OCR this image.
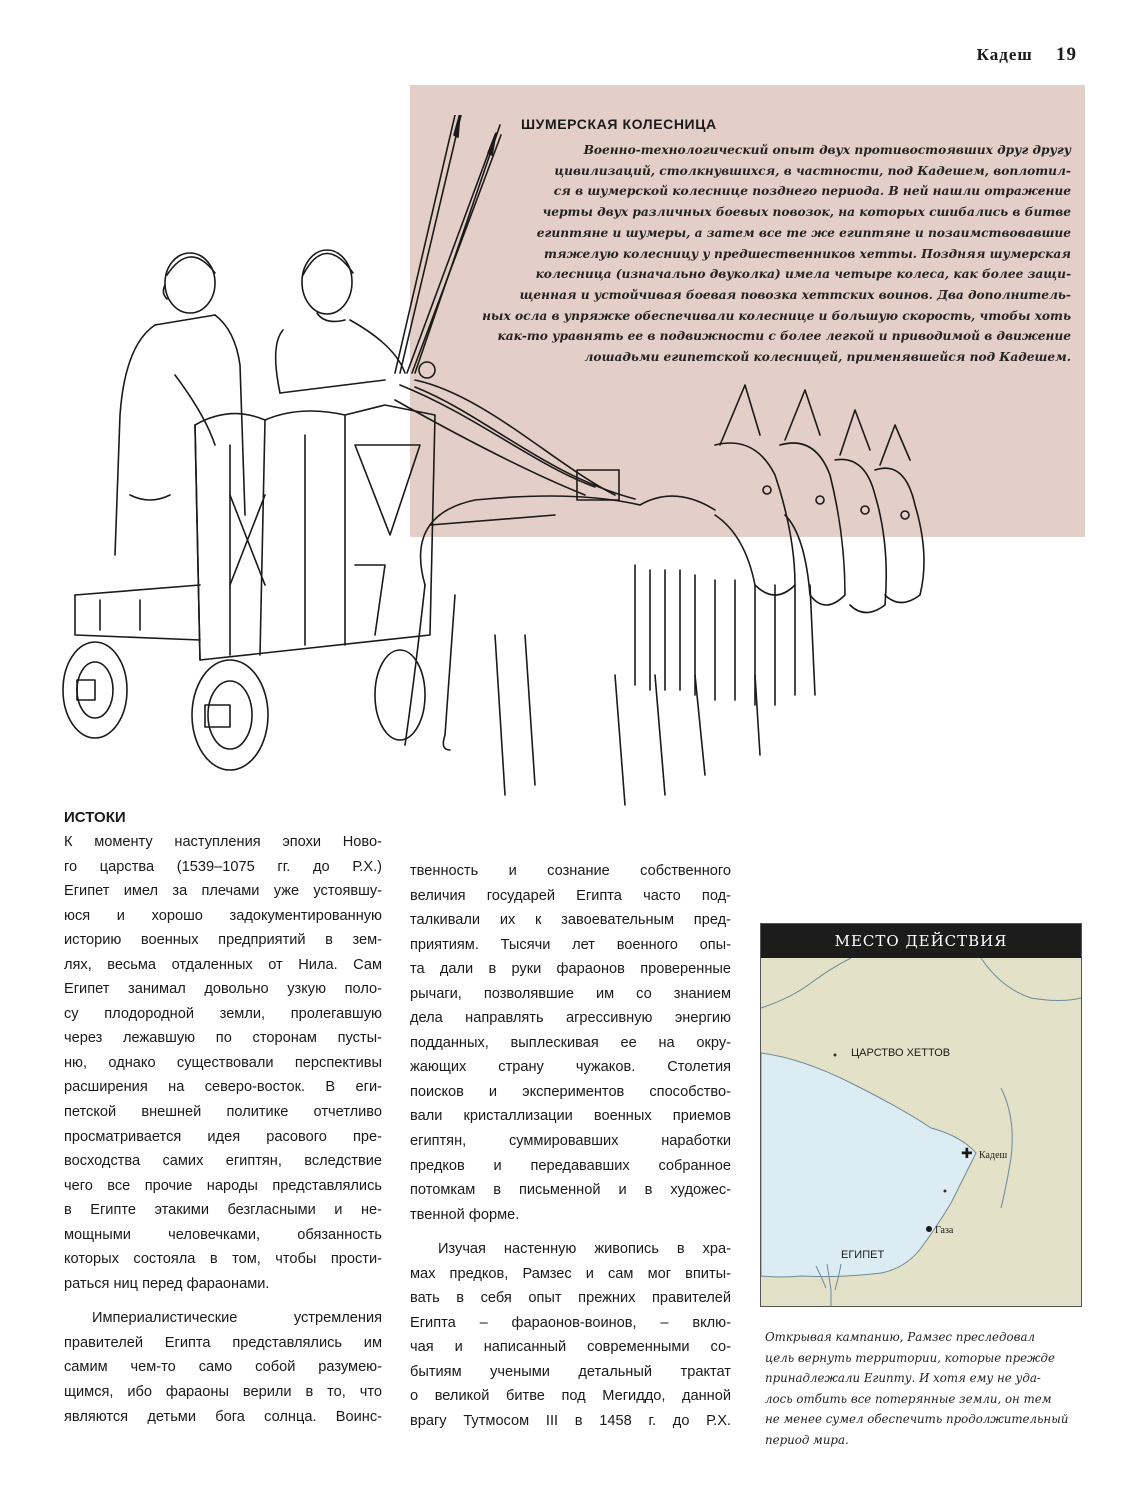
Кадеш 19
ШУМЕРСКАЯ КОЛЕСНИЦА
Военно-технологический опыт двух противостоявших друг другу
цивилизаций, столкнувшихся, в частности, под Кадешем, воплотил-
ся в шумерской колеснице позднего периода. В ней нашли отражение
черты двух различных боевых повозок, на которых сшибались в битве
египтяне и шумеры, а затем все те же египтяне и позаимствовавшие
тяжелую колесницу у предшественников хетты. Поздняя шумерская
колесница (изначально двуколка) имела четыре колеса, как более защи-
щенная и устойчивая боевая повозка хеттских воинов. Два дополнитель-
ных осла в упряжке обеспечивали колеснице и большую скорость, чтобы хоть
как-то уравнять ее в подвижности с более легкой и приводимой в движение
лошадьми египетской колесницей, применявшейся под Кадешем.
ИСТОКИ
К моменту наступления эпохи Ново-
го царства (1539–1075 гг. до Р.Х.)
Египет имел за плечами уже устоявшу-
юся и хорошо задокументированную
историю военных предприятий в зем-
лях, весьма отдаленных от Нила. Сам
Египет занимал довольно узкую поло-
су плодородной земли, пролегавшую
через лежавшую по сторонам пусты-
ню, однако существовали перспективы
расширения на северо-восток. В еги-
петской внешней политике отчетливо
просматривается идея расового пре-
восходства самих египтян, вследствие
чего все прочие народы представлялись
в Египте этакими безгласными и не-
мощными человечками, обязанность
которых состояла в том, чтобы прости-
раться ниц перед фараонами.
Империалистические устремления
правителей Египта представлялись им
самим чем-то само собой разумею-
щимся, ибо фараоны верили в то, что
являются детьми бога солнца. Воинс-
твенность и сознание собственного
величия государей Египта часто под-
талкивали их к завоевательным пред-
приятиям. Тысячи лет военного опы-
та дали в руки фараонов проверенные
рычаги, позволявшие им со знанием
дела направлять агрессивную энергию
подданных, выплескивая ее на окру-
жающих страну чужаков. Столетия
поисков и экспериментов способство-
вали кристаллизации военных приемов
египтян, суммировавших наработки
предков и передававших собранное
потомкам в письменной и в художес-
твенной форме.
Изучая настенную живопись в хра-
мах предков, Рамзес и сам мог впиты-
вать в себя опыт прежних правителей
Египта – фараонов-воинов, – вклю-
чая и написанный современными со-
бытиям учеными детальный трактат
о великой битве под Мегиддо, данной
врагу Тутмосом III в 1458 г. до Р.Х.
МЕСТО ДЕЙСТВИЯ
✚
ЦАРСТВО ХЕТТОВ
Кадеш
Газа
ЕГИПЕТ
Открывая кампанию, Рамзес преследовал
цель вернуть территории, которые прежде
принадлежали Египту. И хотя ему не уда-
лось отбить все потерянные земли, он тем
не менее сумел обеспечить продолжительный
период мира.
